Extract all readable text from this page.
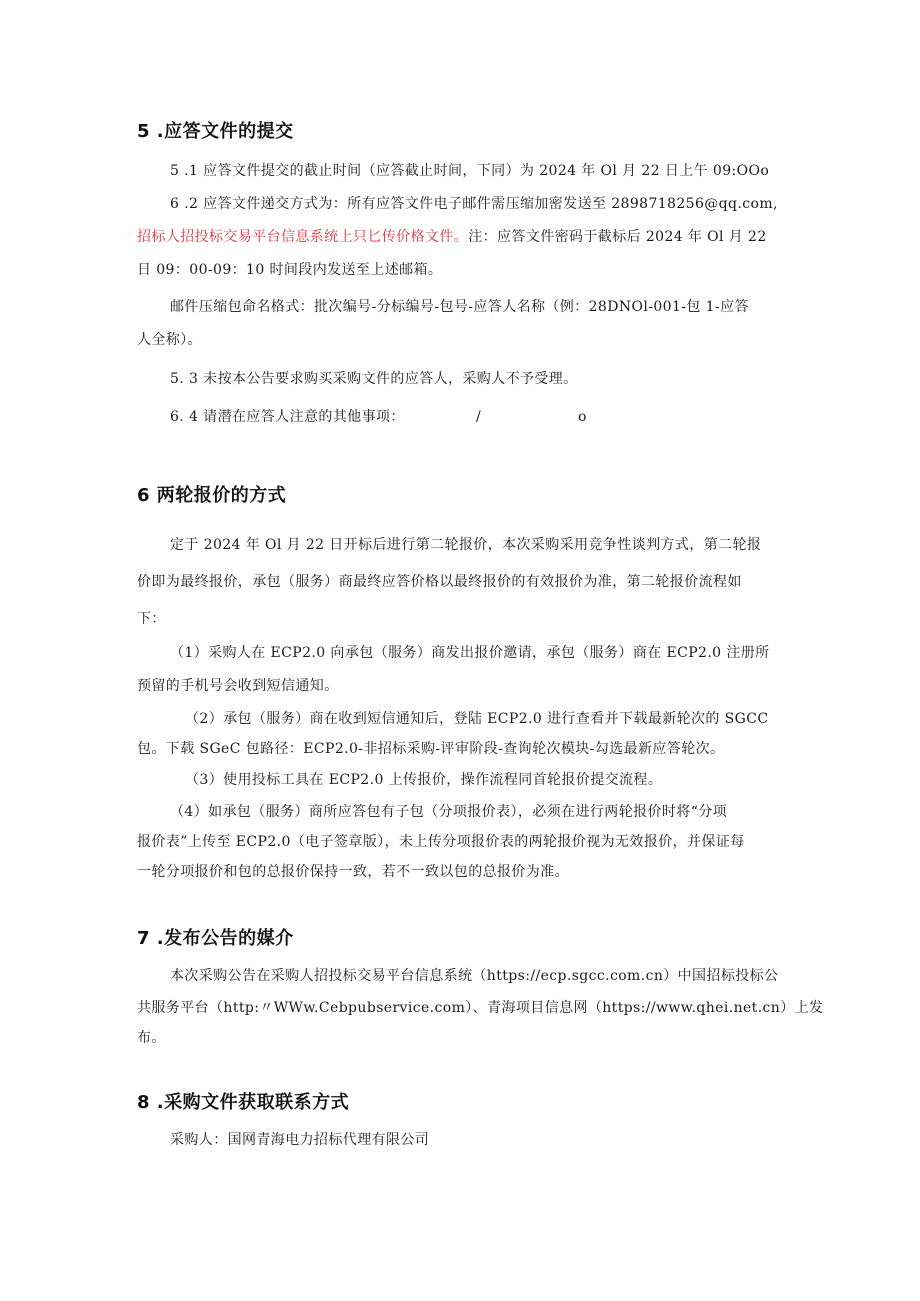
5 .应答文件的提交
5 .1 应答文件提交的截止时间（应答截止时间，下同）为 2024 年 Ol 月 22 日上午 09:OOo
6 .2 应答文件递交方式为：所有应答文件电子邮件需压缩加密发送至 2898718256@qq.com,
招标人招投标交易平台信息系统上只匕传价格文件。注：应答文件密码于截标后 2024 年 Ol 月 22
日 09：00-09：10 时间段内发送至上述邮箱。
邮件压缩包命名格式：批次编号-分标编号-包号-应答人名称（例：28DNOl-001-包 1-应答
人全称）。
5. 3 未按本公告要求购买采购文件的应答人，采购人不予受理。
6. 4 请潜在应答人注意的其他事项：	/	o
6 两轮报价的方式
定于 2024 年 Ol 月 22 日开标后进行第二轮报价，本次采购采用竞争性谈判方式，第二轮报
价即为最终报价，承包（服务）商最终应答价格以最终报价的有效报价为准，第二轮报价流程如
下：
（1）采购人在 ECP2.0 向承包（服务）商发出报价邀请，承包（服务）商在 ECP2.0 注册所
预留的手机号会收到短信通知。
（2）承包（服务）商在收到短信通知后，登陆 ECP2.0 进行查看并下载最新轮次的 SGCC
包。下载 SGeC 包路径：ECP2.0-非招标采购-评审阶段-查询轮次模块-勾选最新应答轮次。
（3）使用投标工具在 ECP2.0 上传报价，操作流程同首轮报价提交流程。
（4）如承包（服务）商所应答包有子包（分项报价表），必须在进行两轮报价时将“分项
报价表”上传至 ECP2.0（电子签章版），未上传分项报价表的两轮报价视为无效报价，并保证每
一轮分项报价和包的总报价保持一致，若不一致以包的总报价为准。
7 .发布公告的媒介
本次采购公告在采购人招投标交易平台信息系统（https://ecp.sgcc.com.cn）中国招标投标公
共服务平台（http:〃WWw.Cebpubservice.com）、青海项目信息网（https://www.qhei.net.cn）上发
布。
8 .采购文件获取联系方式
采购人：国网青海电力招标代理有限公司
